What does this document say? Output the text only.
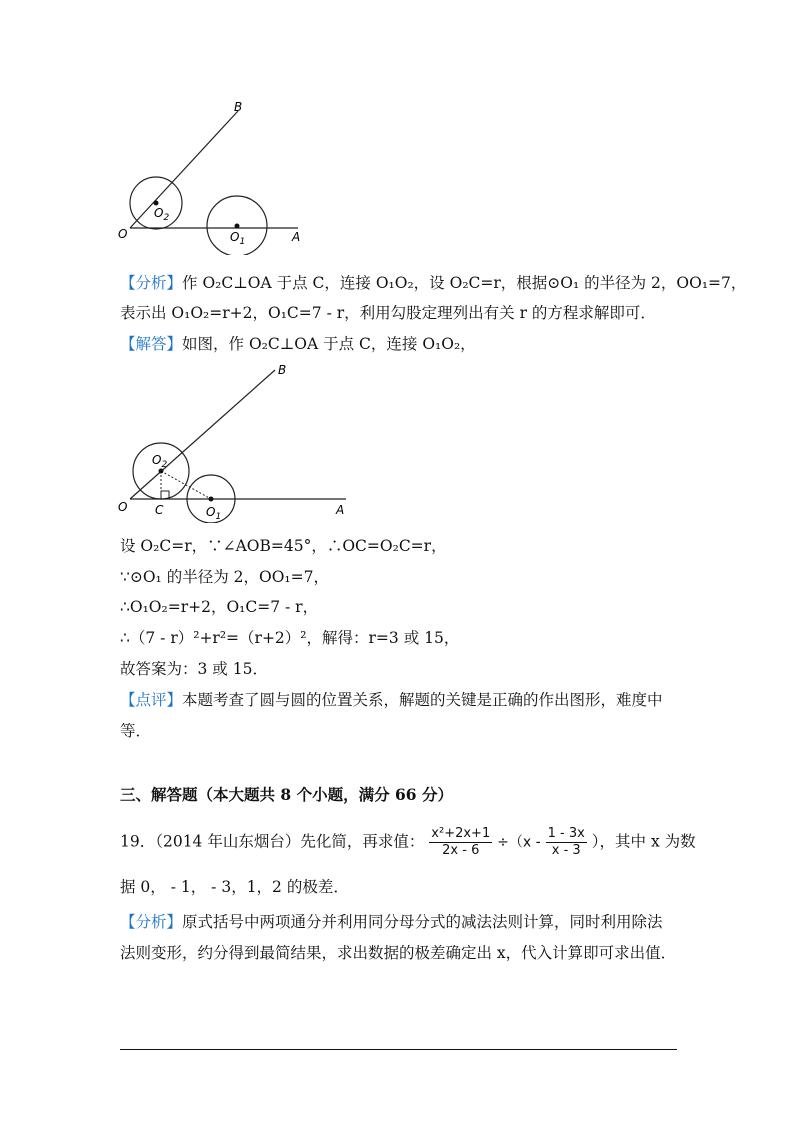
B
O	A
$O_2$
$O_1$
【分析】作 O₂C⊥OA 于点 C，连接 O₁O₂，设 O₂C=r，根据⊙O₁ 的半径为 2，OO₁=7，
表示出 O₁O₂=r+2，O₁C=7 - r，利用勾股定理列出有关 r 的方程求解即可．
【解答】如图，作 O₂C⊥OA 于点 C，连接 O₁O₂，
B
O C	A
$O_2$
$O_1$
设 O₂C=r，∵∠AOB=45°，∴OC=O₂C=r，
∵⊙O₁ 的半径为 2，OO₁=7，
∴O₁O₂=r+2，O₁C=7 - r，
∴（7 - r）²+r²=（r+2）²，解得：r=3 或 15，
故答案为：3 或 15．
【点评】本题考查了圆与圆的位置关系，解题的关键是正确的作出图形，难度中
等．
三、解答题（本大题共 8 个小题，满分 66 分）
19．（2014 年山东烟台）先化简，再求值： $\frac{\text{x²+2x+1}}{2x - 6} \div(x - \frac{1 - 3x}{x - 3}$ ），其中 x 为数
据 0， - 1， - 3，1，2 的极差．
【分析】原式括号中两项通分并利用同分母分式的减法法则计算，同时利用除法
法则变形，约分得到最简结果，求出数据的极差确定出 x，代入计算即可求出值．
